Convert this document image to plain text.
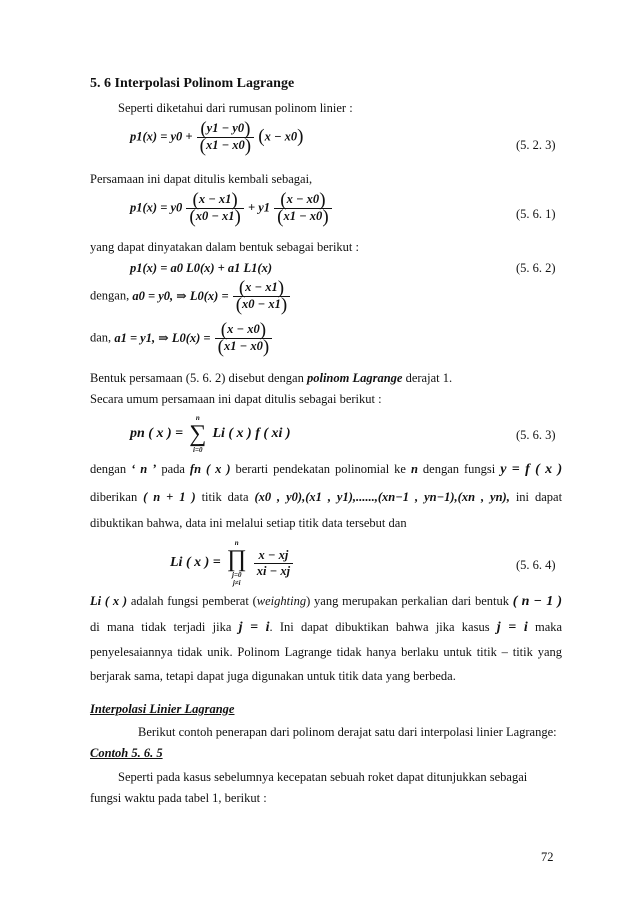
5. 6 Interpolasi Polinom Lagrange
Seperti diketahui dari rumusan polinom linier :
$p1(x) = y0 + \frac{(y1 - y0)}{(x1 - x0)} (x - x0)$	(5. 2. 3)
Persamaan ini dapat ditulis kembali sebagai,
$p1(x) = y0 \frac{(x - x1)}{(x0 - x1)} + y1 \frac{(x - x0)}{(x1 - x0)}$	(5. 6. 1)
yang dapat dinyatakan dalam bentuk sebagai berikut :
p1(x) = a0 L0(x) + a1 L1(x)	(5. 6. 2)
dengan, a0 = y0, ⇒ $L0(x) = \frac{(x - x1)}{(x0 - x1)}$
dan, a1 = y1, ⇒ $L0(x) = \frac{(x - x0)}{(x1 - x0)}$
Bentuk persamaan (5. 6. 2) disebut dengan polinom Lagrange derajat 1.
Secara umum persamaan ini dapat ditulis sebagai berikut :
pn ( x ) =
n
∑
i=0
Li ( x ) f ( xi )	(5. 6. 3)
dengan ‘ n ’ pada fn ( x ) berarti pendekatan polinomial ke n dengan fungsi y = f ( x )
diberikan ( n + 1 ) titik data (x0 , y0),(x1 , y1),......,(xn−1 , yn−1),(xn , yn), ini dapat
dibuktikan bahwa, data ini melalui setiap titik data tersebut dan
Li ( x ) =
n
∏
j=0
j≠i

$\frac{x - xj}{xi - xj}$	(5. 6. 4)
Li ( x ) adalah fungsi pemberat (weighting) yang merupakan perkalian dari bentuk ( n − 1 )
di mana tidak terjadi jika j = i. Ini dapat dibuktikan bahwa jika kasus j = i maka
penyelesaiannya tidak unik. Polinom Lagrange tidak hanya berlaku untuk titik – titik yang
berjarak sama, tetapi dapat juga digunakan untuk titik data yang berbeda.
Interpolasi Linier Lagrange
Berikut contoh penerapan dari polinom derajat satu dari interpolasi linier Lagrange:
Contoh 5. 6. 5
Seperti pada kasus sebelumnya kecepatan sebuah roket dapat ditunjukkan sebagai
fungsi waktu pada tabel 1, berikut :
72
